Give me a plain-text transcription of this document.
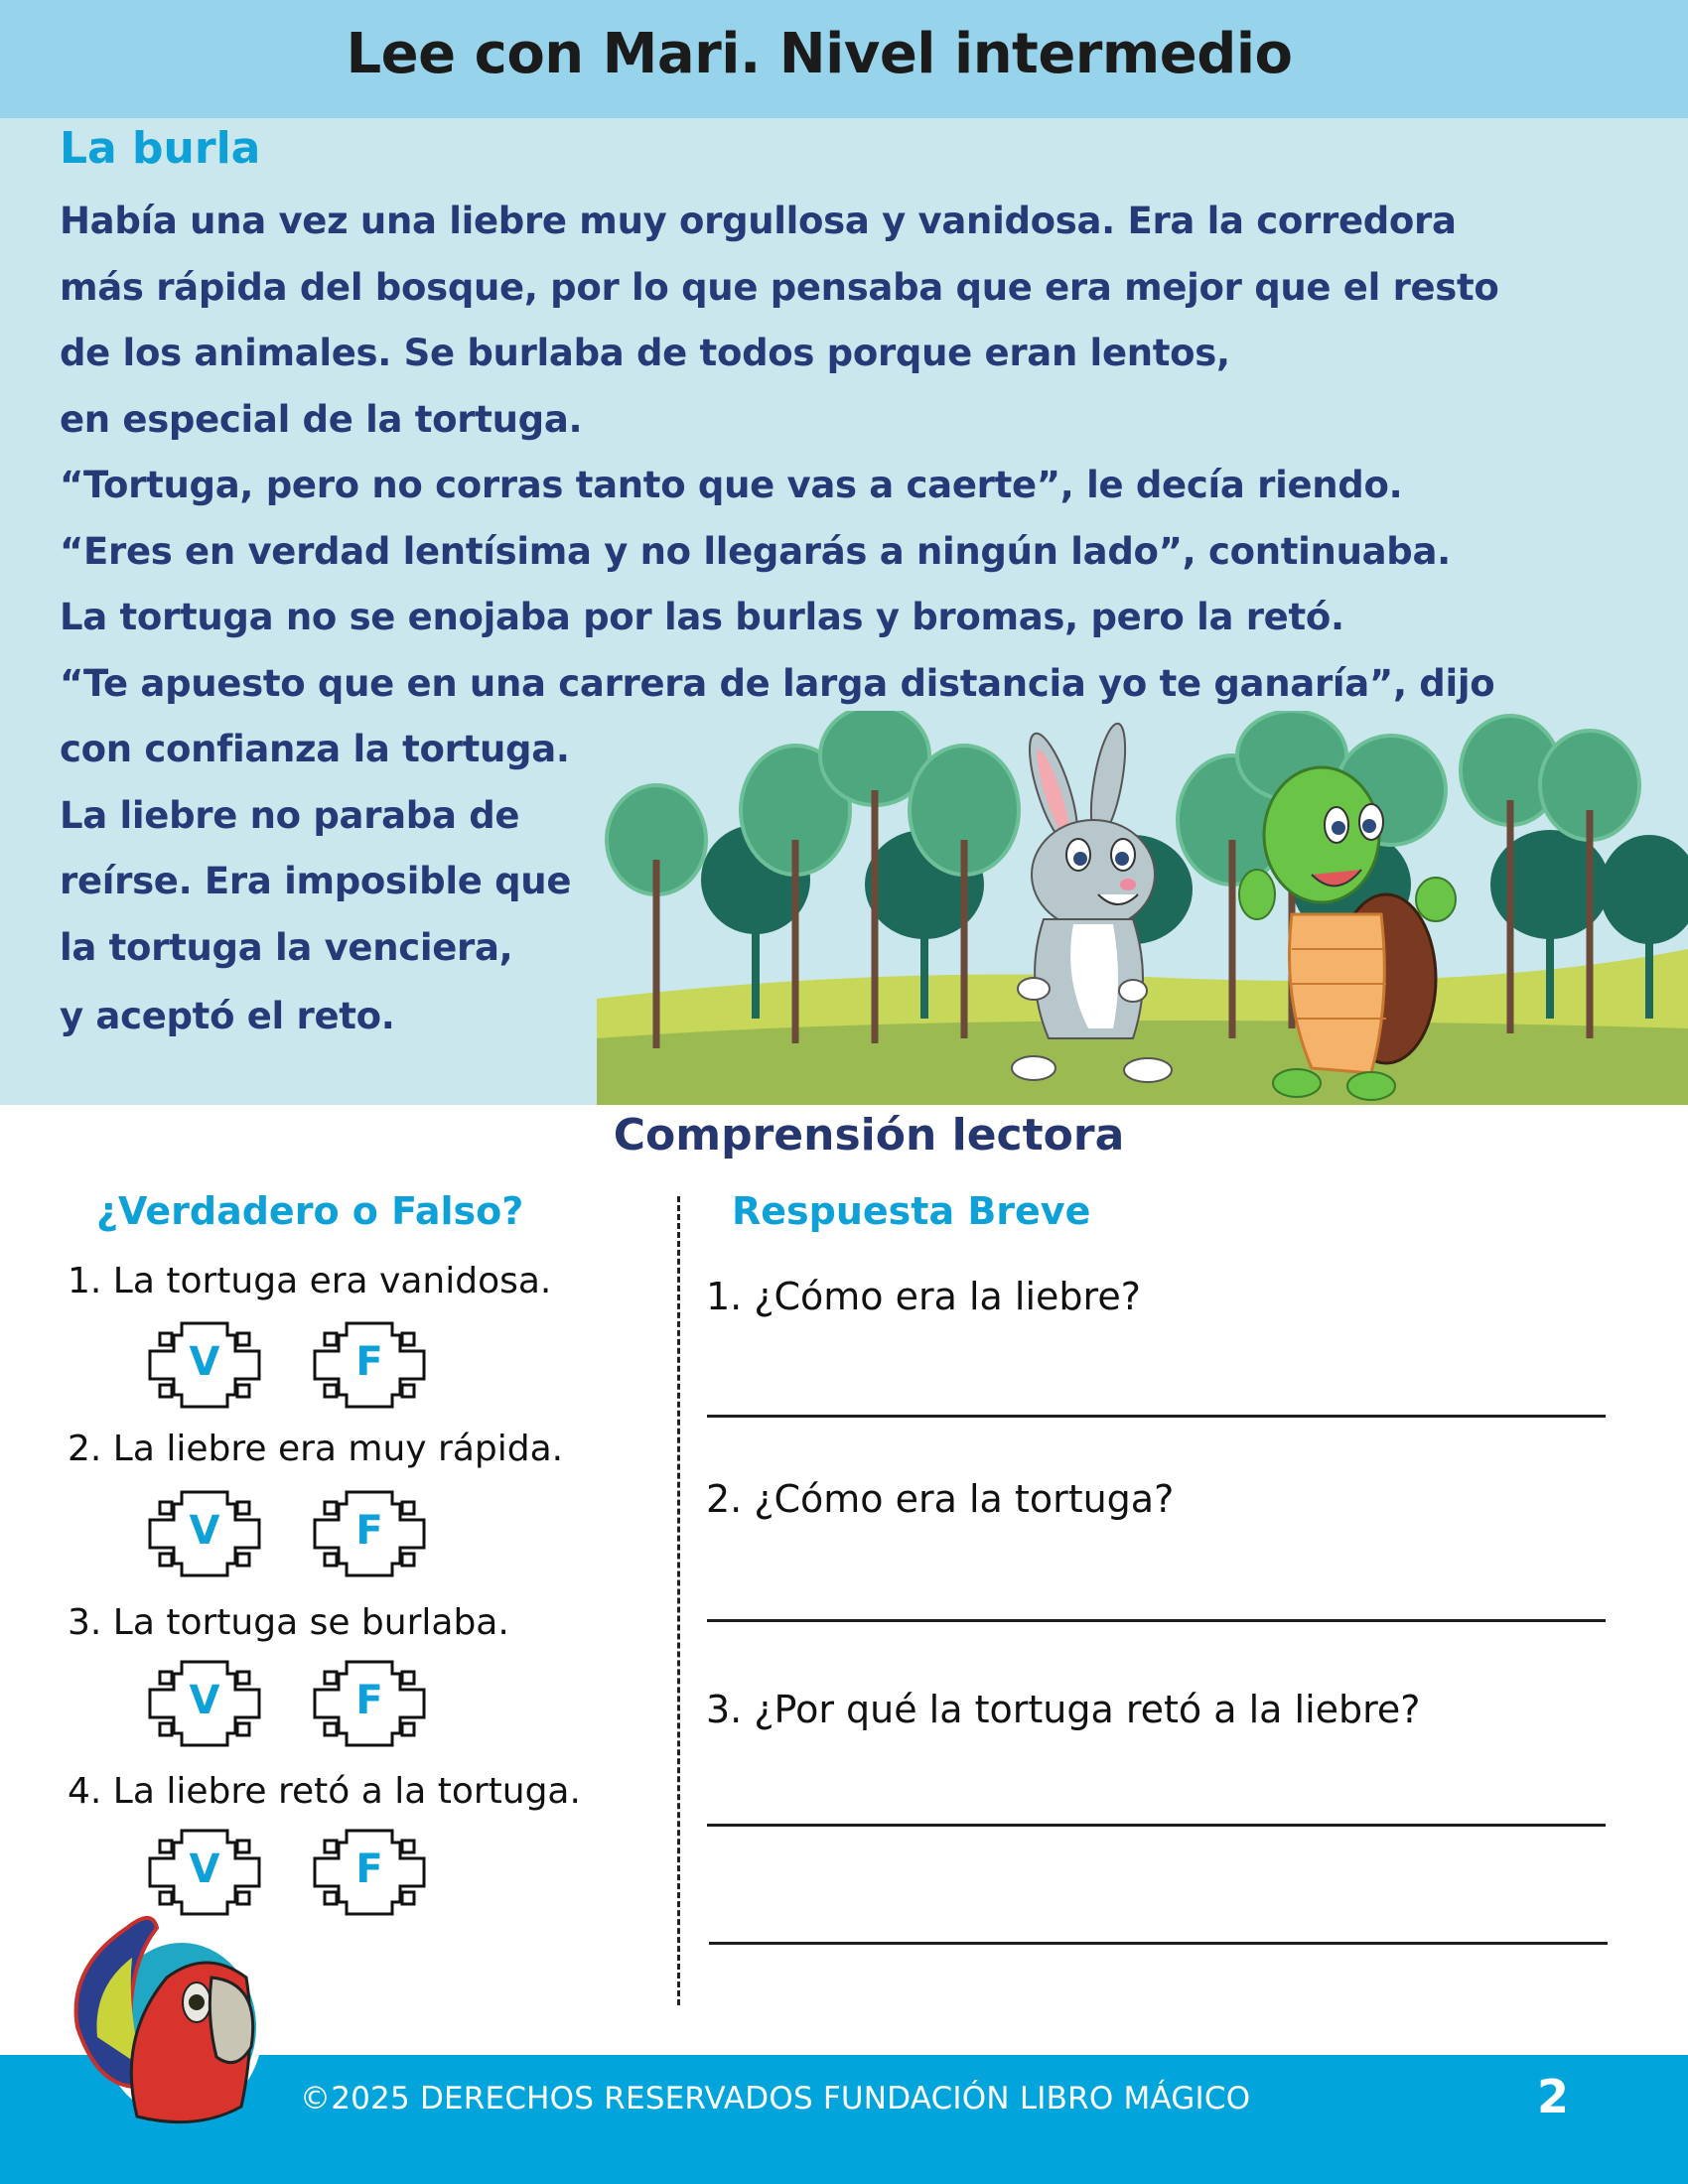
Lee con Mari. Nivel intermedio
La burla
Había una vez una liebre muy orgullosa y vanidosa. Era la corredora
más rápida del bosque, por lo que pensaba que era mejor que el resto
de los animales. Se burlaba de todos porque eran lentos,
en especial de la tortuga.
“Tortuga, pero no corras tanto que vas a caerte”, le decía riendo.
“Eres en verdad lentísima y no llegarás a ningún lado”, continuaba.
La tortuga no se enojaba por las burlas y bromas, pero la retó.
“Te apuesto que en una carrera de larga distancia yo te ganaría”, dijo
con confianza la tortuga.
La liebre no paraba de
reírse. Era imposible que
la tortuga la venciera,
y aceptó el reto.
Comprensión lectora
¿Verdadero o Falso?	Respuesta Breve
1. La tortuga era vanidosa.
2. La liebre era muy rápida.
3. La tortuga se burlaba.
4. La liebre retó a la tortuga.
V	F
V	F
V	F
V	F
1. ¿Cómo era la liebre?
2. ¿Cómo era la tortuga?
3. ¿Por qué la tortuga retó a la liebre?
©2025 DERECHOS RESERVADOS FUNDACIÓN LIBRO MÁGICO	2
